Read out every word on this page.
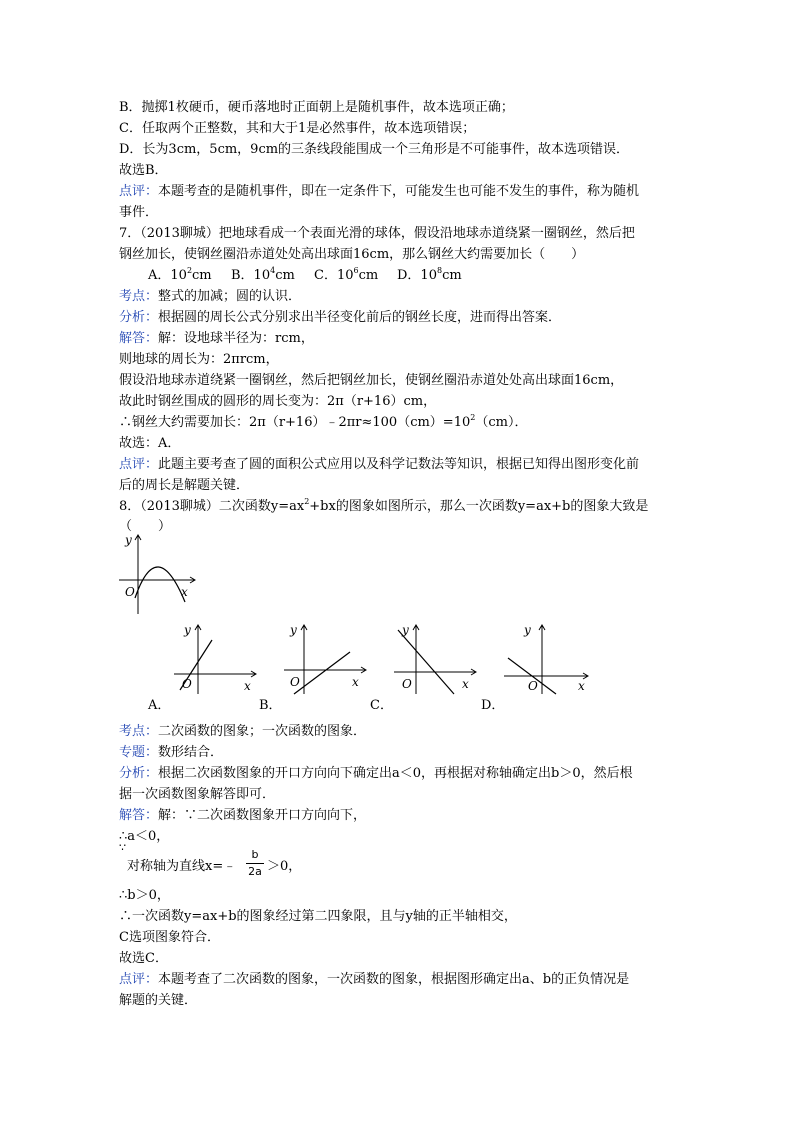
B．抛掷1枚硬币，硬币落地时正面朝上是随机事件，故本选项正确；
C．任取两个正整数，其和大于1是必然事件，故本选项错误；
D．长为3cm，5cm，9cm的三条线段能围成一个三角形是不可能事件，故本选项错误．
故选B．
点评：本题考查的是随机事件，即在一定条件下，可能发生也可能不发生的事件，称为随机
事件．
7．（2013聊城）把地球看成一个表面光滑的球体，假设沿地球赤道绕紧一圈钢丝，然后把
钢丝加长，使钢丝圈沿赤道处处高出球面16cm，那么钢丝大约需要加长（　　）
A．$10^2cm$ B．$10^4cm$ C．$10^6cm$ D．$10^8cm$
考点：整式的加减；圆的认识．
分析：根据圆的周长公式分别求出半径变化前后的钢丝长度，进而得出答案．
解答：解：设地球半径为：rcm，
则地球的周长为：2πrcm，
假设沿地球赤道绕紧一圈钢丝，然后把钢丝加长，使钢丝圈沿赤道处处高出球面16cm，
故此时钢丝围成的圆形的周长变为：2π（r+16）cm，
∴钢丝大约需要加长：$2\pi(r+16)﹣2\pi r\approx 100(cm)=10^2(cm)$．
故选：A．
点评：此题主要考查了圆的面积公式应用以及科学记数法等知识，根据已知得出图形变化前
后的周长是解题关键．
8．（2013聊城）二次函数$y=ax^2+bx$的图象如图所示，那么一次函数y=ax+b的图象大致是
（　　）
y
x
O
y
x
O
A．
y
x
O
B．
y
x
O
C．
y
x
O
D．
考点：二次函数的图象；一次函数的图象．
专题：数形结合．
分析：根据二次函数图象的开口方向向下确定出a＜0，再根据对称轴确定出b＞0，然后根
据一次函数图象解答即可．
解答：解：∵二次函数图象开口方向向下，
∴a＜0，
∵
对称轴为直线x=﹣
b
2a ＞0，
∴b＞0，
∴一次函数y=ax+b的图象经过第二四象限，且与y轴的正半轴相交，
C选项图象符合．
故选C．
点评：本题考查了二次函数的图象，一次函数的图象，根据图形确定出a、b的正负情况是
解题的关键．
